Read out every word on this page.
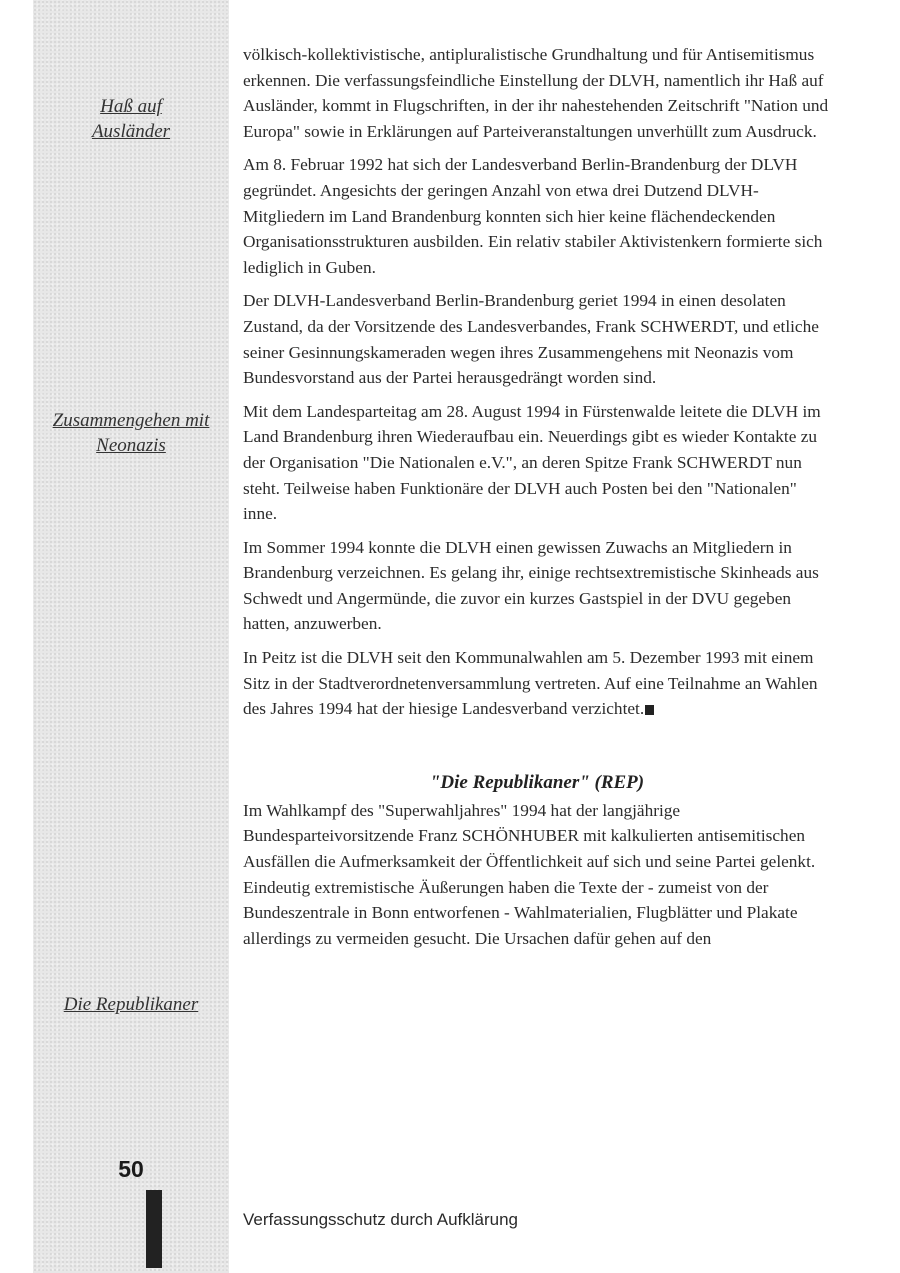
Haß auf Ausländer
Zusammengehen mit Neonazis
Die Republikaner
50

völkisch-kollektivistische, antipluralistische Grundhaltung und für Antisemitismus erkennen. Die verfassungsfeindliche Einstellung der DLVH, namentlich ihr Haß auf Ausländer, kommt in Flugschriften, in der ihr nahestehenden Zeitschrift "Nation und Europa" sowie in Erklärungen auf Parteiveranstaltungen unverhüllt zum Ausdruck.

Am 8. Februar 1992 hat sich der Landesverband Berlin-Brandenburg der DLVH gegründet. Angesichts der geringen Anzahl von etwa drei Dutzend DLVH-Mitgliedern im Land Brandenburg konnten sich hier keine flächendeckenden Organisationsstrukturen ausbilden. Ein relativ stabiler Aktivistenkern formierte sich lediglich in Guben.

Der DLVH-Landesverband Berlin-Brandenburg geriet 1994 in einen desolaten Zustand, da der Vorsitzende des Landesverbandes, Frank SCHWERDT, und etliche seiner Gesinnungskameraden wegen ihres Zusammengehens mit Neonazis vom Bundesvorstand aus der Partei herausgedrängt worden sind.

Mit dem Landesparteitag am 28. August 1994 in Fürstenwalde leitete die DLVH im Land Brandenburg ihren Wiederaufbau ein. Neuerdings gibt es wieder Kontakte zu der Organisation "Die Nationalen e.V.", an deren Spitze Frank SCHWERDT nun steht. Teilweise haben Funktionäre der DLVH auch Posten bei den "Nationalen" inne.

Im Sommer 1994 konnte die DLVH einen gewissen Zuwachs an Mitgliedern in Brandenburg verzeichnen. Es gelang ihr, einige rechtsextremistische Skinheads aus Schwedt und Angermünde, die zuvor ein kurzes Gastspiel in der DVU gegeben hatten, anzuwerben.

In Peitz ist die DLVH seit den Kommunalwahlen am 5. Dezember 1993 mit einem Sitz in der Stadtverordnetenversammlung vertreten. Auf eine Teilnahme an Wahlen des Jahres 1994 hat der hiesige Landesverband verzichtet.

"Die Republikaner" (REP)

Im Wahlkampf des "Superwahljahres" 1994 hat der langjährige Bundesparteivorsitzende Franz SCHÖNHUBER mit kalkulierten antisemitischen Ausfällen die Aufmerksamkeit der Öffentlichkeit auf sich und seine Partei gelenkt. Eindeutig extremistische Äußerungen haben die Texte der - zumeist von der Bundeszentrale in Bonn entworfenen - Wahlmaterialien, Flugblätter und Plakate allerdings zu vermeiden gesucht. Die Ursachen dafür gehen auf den

Verfassungsschutz durch Aufklärung
